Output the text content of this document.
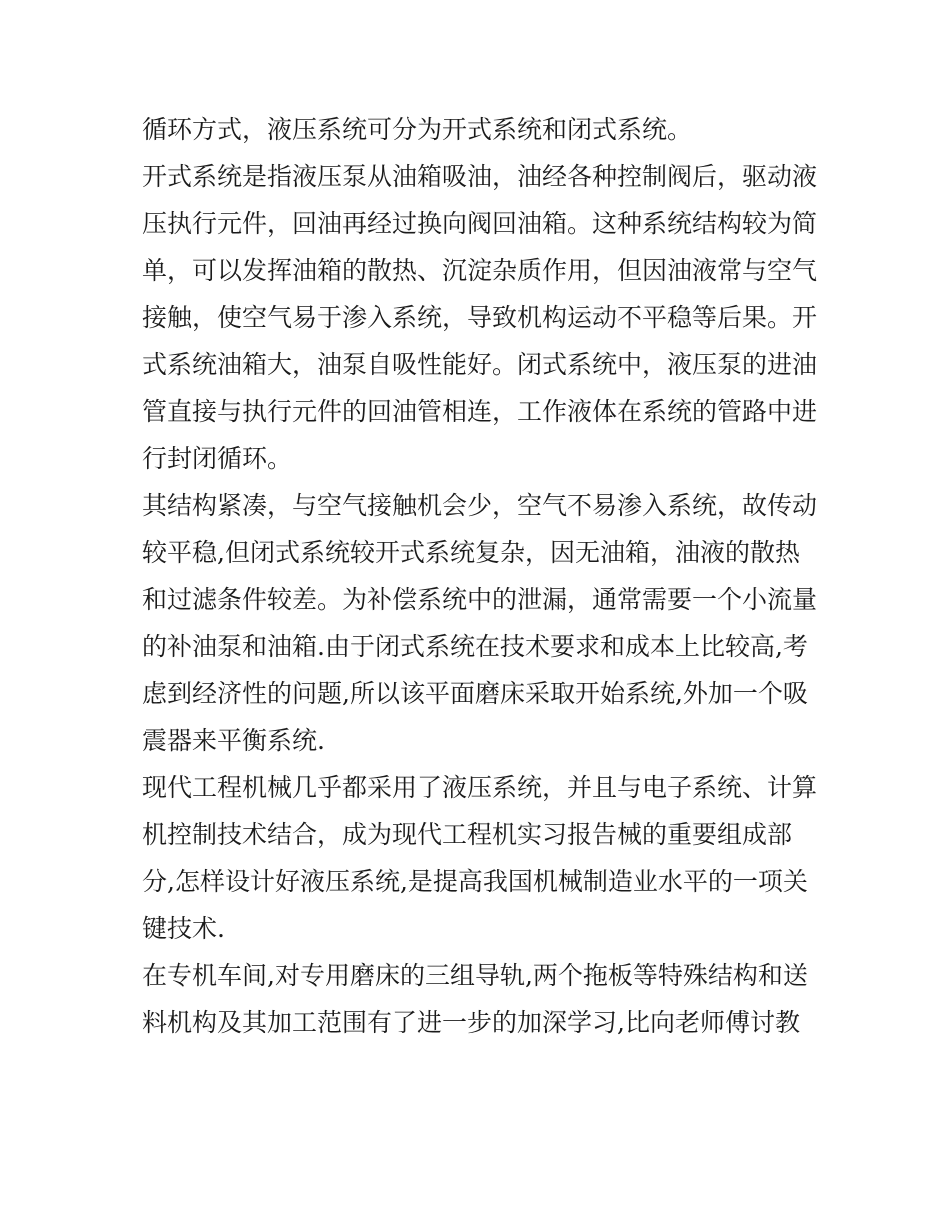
循环方式，液压系统可分为开式系统和闭式系统。

开式系统是指液压泵从油箱吸油，油经各种控制阀后，驱动液

压执行元件，回油再经过换向阀回油箱。这种系统结构较为简

单，可以发挥油箱的散热、沉淀杂质作用，但因油液常与空气

接触，使空气易于渗入系统，导致机构运动不平稳等后果。开

式系统油箱大，油泵自吸性能好。闭式系统中，液压泵的进油

管直接与执行元件的回油管相连，工作液体在系统的管路中进

行封闭循环。

其结构紧凑，与空气接触机会少，空气不易渗入系统，故传动

较平稳,但闭式系统较开式系统复杂，因无油箱，油液的散热

和过滤条件较差。为补偿系统中的泄漏，通常需要一个小流量

的补油泵和油箱.由于闭式系统在技术要求和成本上比较高,考

虑到经济性的问题,所以该平面磨床采取开始系统,外加一个吸

震器来平衡系统.

现代工程机械几乎都采用了液压系统，并且与电子系统、计算

机控制技术结合，成为现代工程机实习报告械的重要组成部

分,怎样设计好液压系统,是提高我国机械制造业水平的一项关

键技术.

在专机车间,对专用磨床的三组导轨,两个拖板等特殊结构和送

料机构及其加工范围有了进一步的加深学习,比向老师傅讨教
